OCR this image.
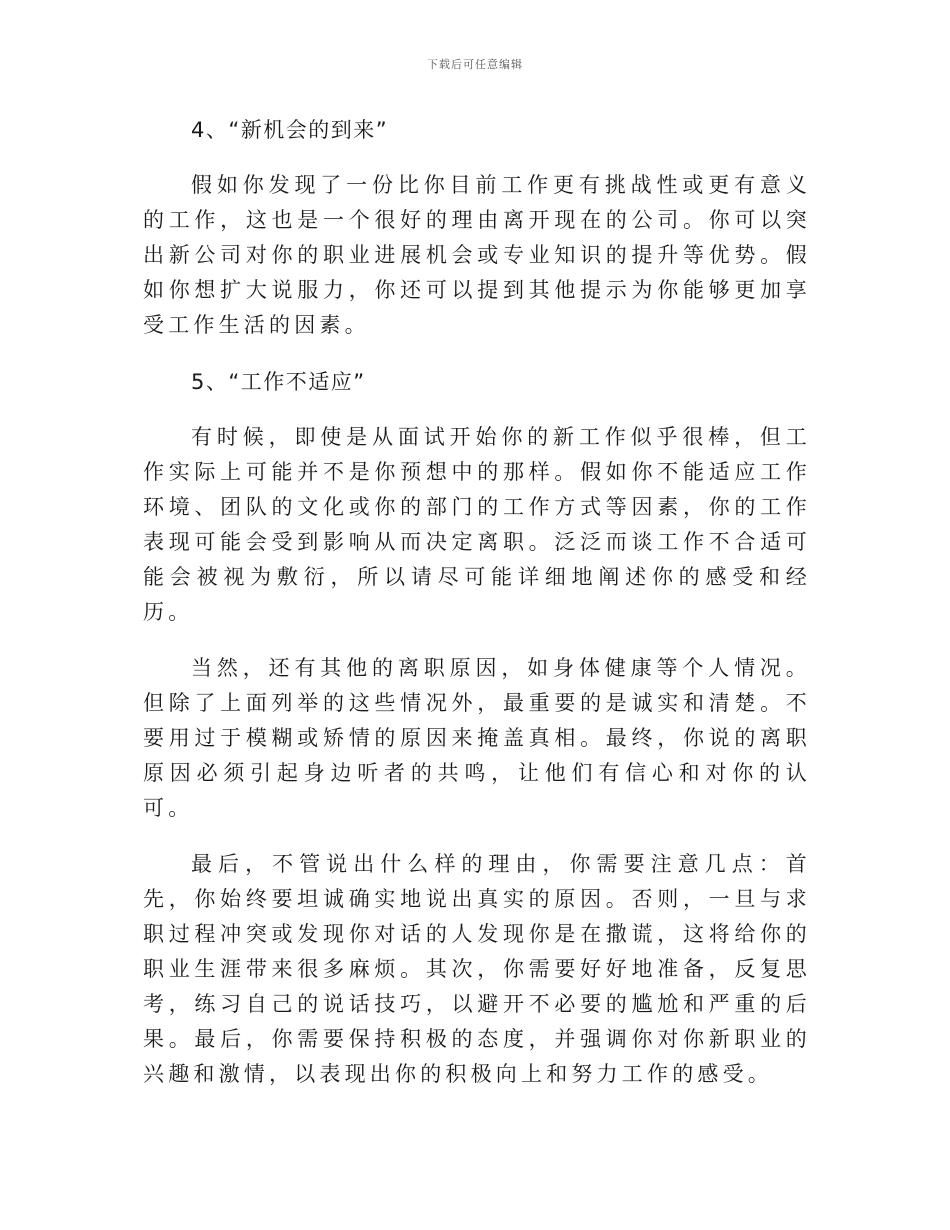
下载后可任意编辑

4、“新机会的到来”

假如你发现了一份比你目前工作更有挑战性或更有意义的工作，这也是一个很好的理由离开现在的公司。你可以突出新公司对你的职业进展机会或专业知识的提升等优势。假如你想扩大说服力，你还可以提到其他提示为你能够更加享受工作生活的因素。

5、“工作不适应”

有时候，即使是从面试开始你的新工作似乎很棒，但工作实际上可能并不是你预想中的那样。假如你不能适应工作环境、团队的文化或你的部门的工作方式等因素，你的工作表现可能会受到影响从而决定离职。泛泛而谈工作不合适可能会被视为敷衍，所以请尽可能详细地阐述你的感受和经历。

当然，还有其他的离职原因，如身体健康等个人情况。但除了上面列举的这些情况外，最重要的是诚实和清楚。不要用过于模糊或矫情的原因来掩盖真相。最终，你说的离职原因必须引起身边听者的共鸣，让他们有信心和对你的认可。

最后，不管说出什么样的理由，你需要注意几点：首先，你始终要坦诚确实地说出真实的原因。否则，一旦与求职过程冲突或发现你对话的人发现你是在撒谎，这将给你的职业生涯带来很多麻烦。其次，你需要好好地准备，反复思考，练习自己的说话技巧，以避开不必要的尴尬和严重的后果。最后，你需要保持积极的态度，并强调你对你新职业的兴趣和激情，以表现出你的积极向上和努力工作的感受。
